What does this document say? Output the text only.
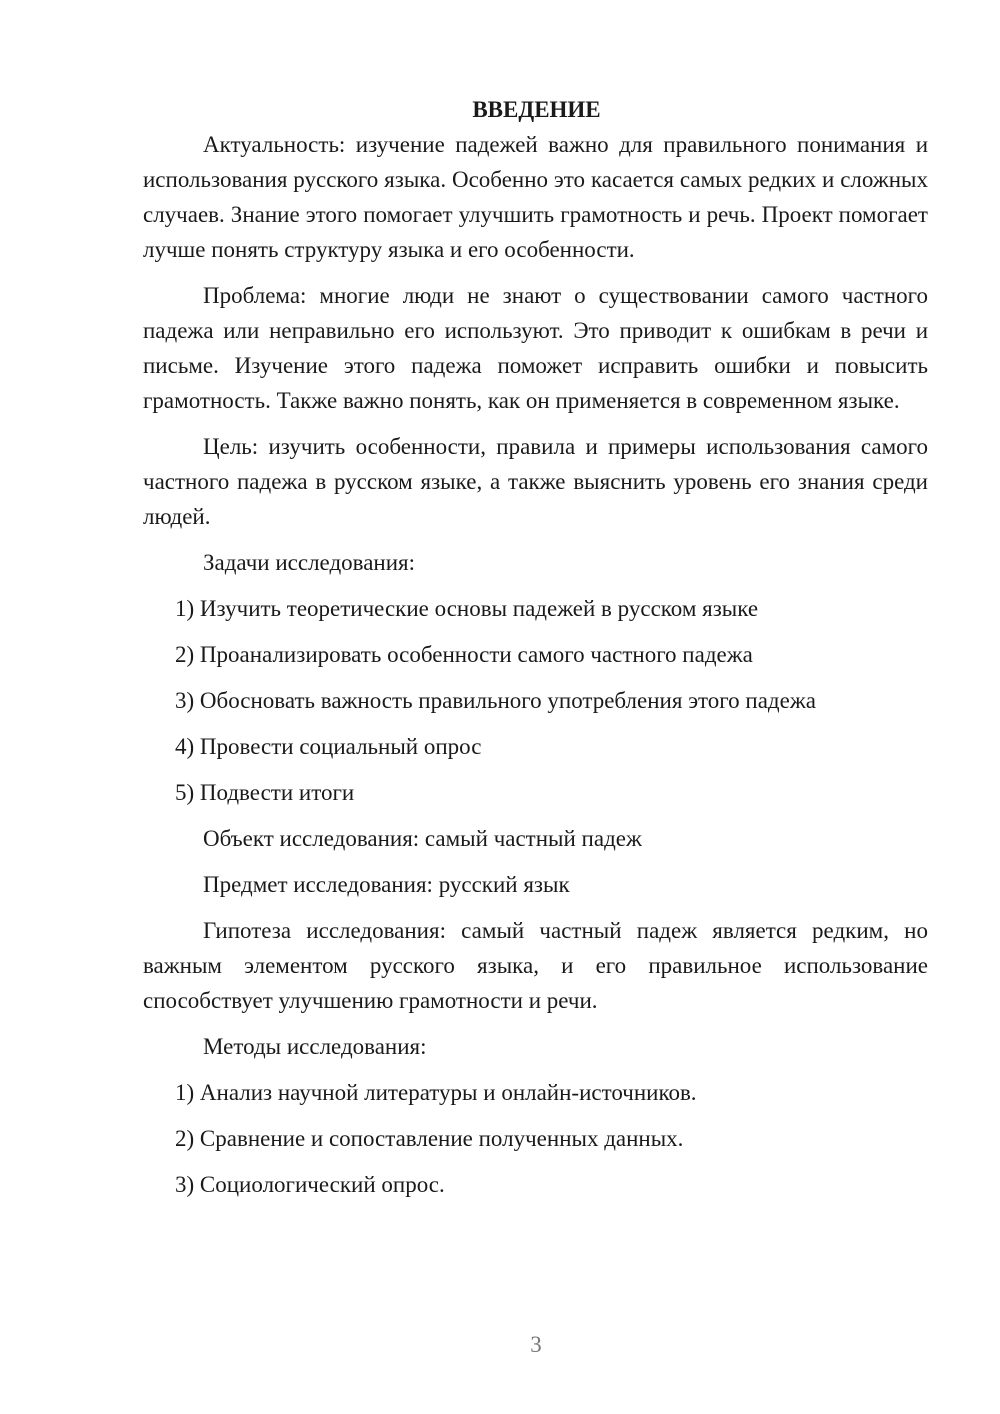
ВВЕДЕНИЕ

Актуальность: изучение падежей важно для правильного понимания и использования русского языка. Особенно это касается самых редких и сложных случаев. Знание этого помогает улучшить грамотность и речь. Проект помогает лучше понять структуру языка и его особенности.

Проблема: многие люди не знают о существовании самого частного падежа или неправильно его используют. Это приводит к ошибкам в речи и письме. Изучение этого падежа поможет исправить ошибки и повысить грамотность. Также важно понять, как он применяется в современном языке.

Цель: изучить особенности, правила и примеры использования самого частного падежа в русском языке, а также выяснить уровень его знания среди людей.

Задачи исследования:

1) Изучить теоретические основы падежей в русском языке

2) Проанализировать особенности самого частного падежа

3) Обосновать важность правильного употребления этого падежа

4) Провести социальный опрос

5) Подвести итоги

Объект исследования: самый частный падеж

Предмет исследования: русский язык

Гипотеза исследования: самый частный падеж является редким, но важным элементом русского языка, и его правильное использование способствует улучшению грамотности и речи.

Методы исследования:

1) Анализ научной литературы и онлайн-источников.

2) Сравнение и сопоставление полученных данных.

3) Социологический опрос.

3
